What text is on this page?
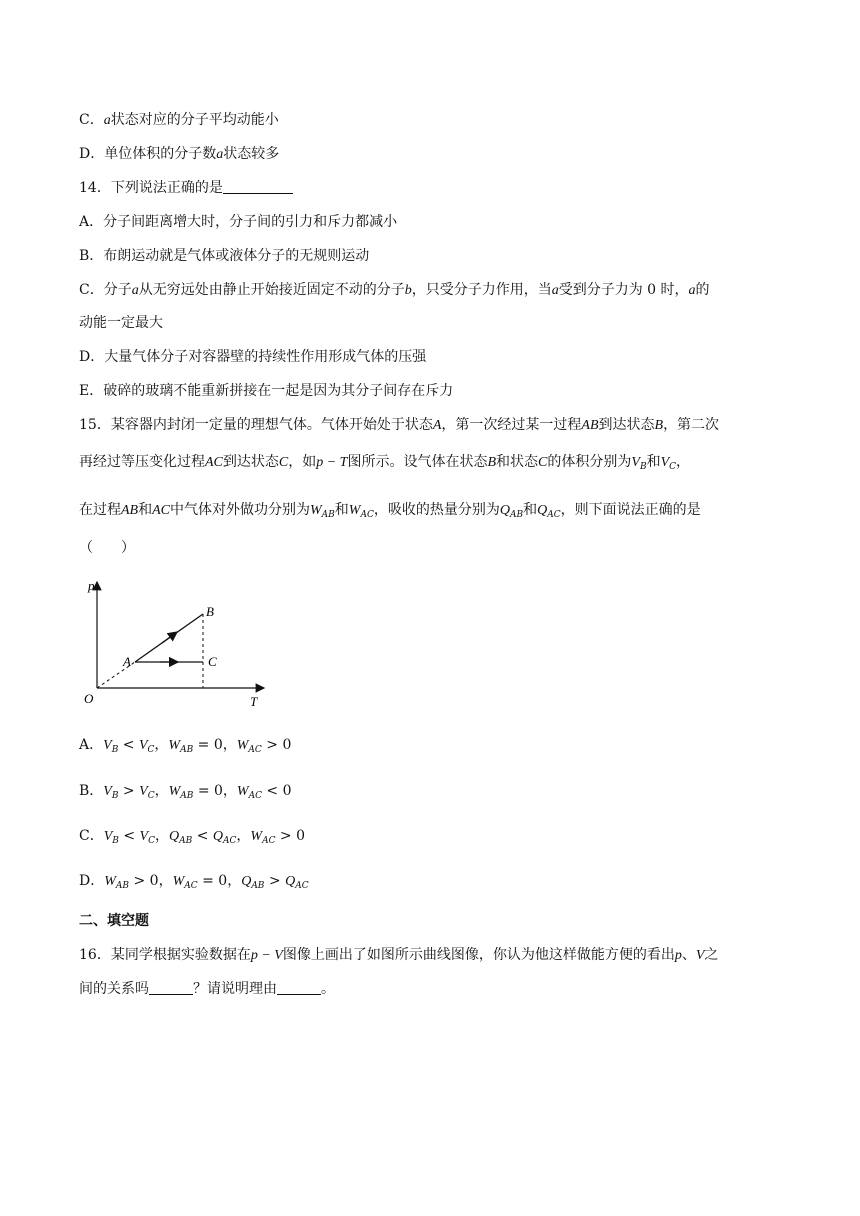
C．a状态对应的分子平均动能小
D．单位体积的分子数a状态较多
14．下列说法正确的是
A．分子间距离增大时，分子间的引力和斥力都减小
B．布朗运动就是气体或液体分子的无规则运动
C．分子a从无穷远处由静止开始接近固定不动的分子b，只受分子力作用，当a受到分子力为 0 时，a的
动能一定最大
D．大量气体分子对容器壁的持续性作用形成气体的压强
E．破碎的玻璃不能重新拼接在一起是因为其分子间存在斥力
15．某容器内封闭一定量的理想气体。气体开始处于状态A，第一次经过某一过程AB到达状态B，第二次
再经过等压变化过程AC到达状态C，如p − T图所示。设气体在状态B和状态C的体积分别为$V_B$和$V_C$，
在过程AB和AC中气体对外做功分别为$W_{AB}$和$W_{AC}$，吸收的热量分别为$Q_{AB}$和$Q_{AC}$，则下面说法正确的是
（　　）
p
T
O
A
B
C
A．$V_B < V_C$，$W_{AB} = 0$，$W_{AC} > 0$
B．$V_B > V_C$，$W_{AB} = 0$，$W_{AC} < 0$
C．$V_B < V_C$，$Q_{AB} < Q_{AC}$，$W_{AC} > 0$
D．$W_{AB} > 0$，$W_{AC} = 0$，$Q_{AB} > Q_{AC}$
二、填空题
16．某同学根据实验数据在p − V图像上画出了如图所示曲线图像，你认为他这样做能方便的看出p、V之
间的关系吗	？请说明理由	。
